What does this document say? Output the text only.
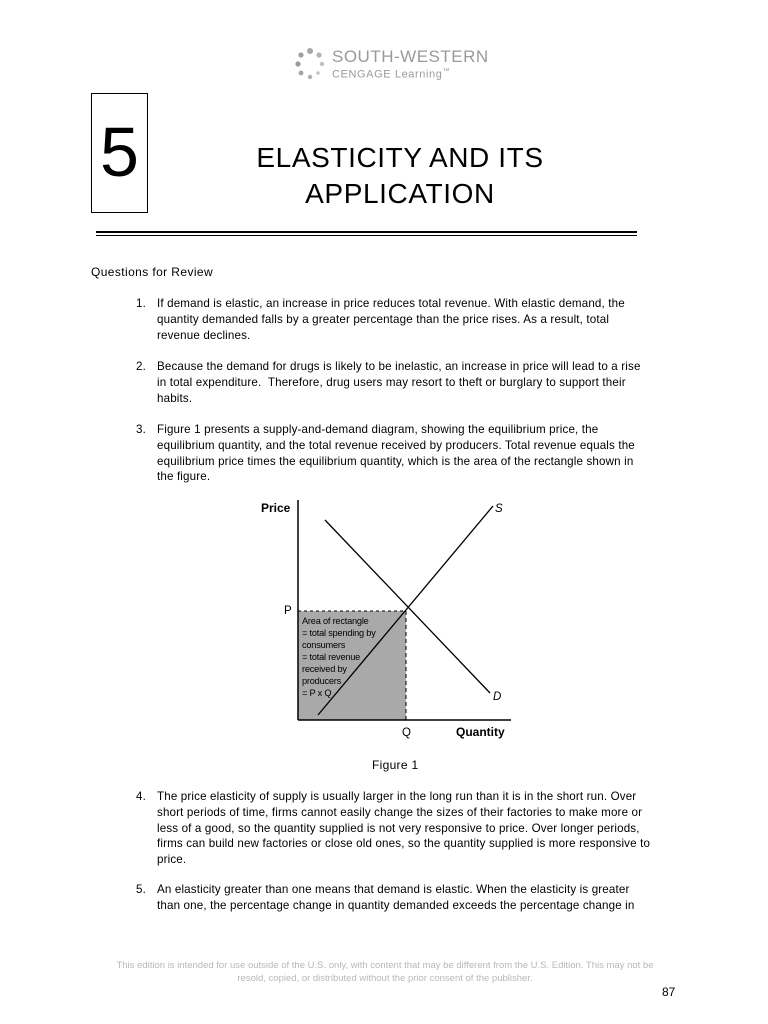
SOUTH-WESTERN
CENGAGE Learning™
5	ELASTICITY AND ITS
APPLICATION
Questions for Review
1. If demand is elastic, an increase in price reduces total revenue. With elastic demand, the
quantity demanded falls by a greater percentage than the price rises. As a result, total
revenue declines.
2. Because the demand for drugs is likely to be inelastic, an increase in price will lead to a rise
in total expenditure.  Therefore, drug users may resort to theft or burglary to support their
habits.
3. Figure 1 presents a supply-and-demand diagram, showing the equilibrium price, the
equilibrium quantity, and the total revenue received by producers. Total revenue equals the
equilibrium price times the equilibrium quantity, which is the area of the rectangle shown in
the figure.
Price
Quantity
S
D
P
Q
Area of rectangle
= total spending by
consumers
= total revenue
received by
producers
= P x Q
Figure 1
4. The price elasticity of supply is usually larger in the long run than it is in the short run. Over
short periods of time, firms cannot easily change the sizes of their factories to make more or
less of a good, so the quantity supplied is not very responsive to price. Over longer periods,
firms can build new factories or close old ones, so the quantity supplied is more responsive to
price.
5. An elasticity greater than one means that demand is elastic. When the elasticity is greater
than one, the percentage change in quantity demanded exceeds the percentage change in
This edition is intended for use outside of the U.S. only, with content that may be different from the U.S. Edition. This may not be
resold, copied, or distributed without the prior consent of the publisher.
87
